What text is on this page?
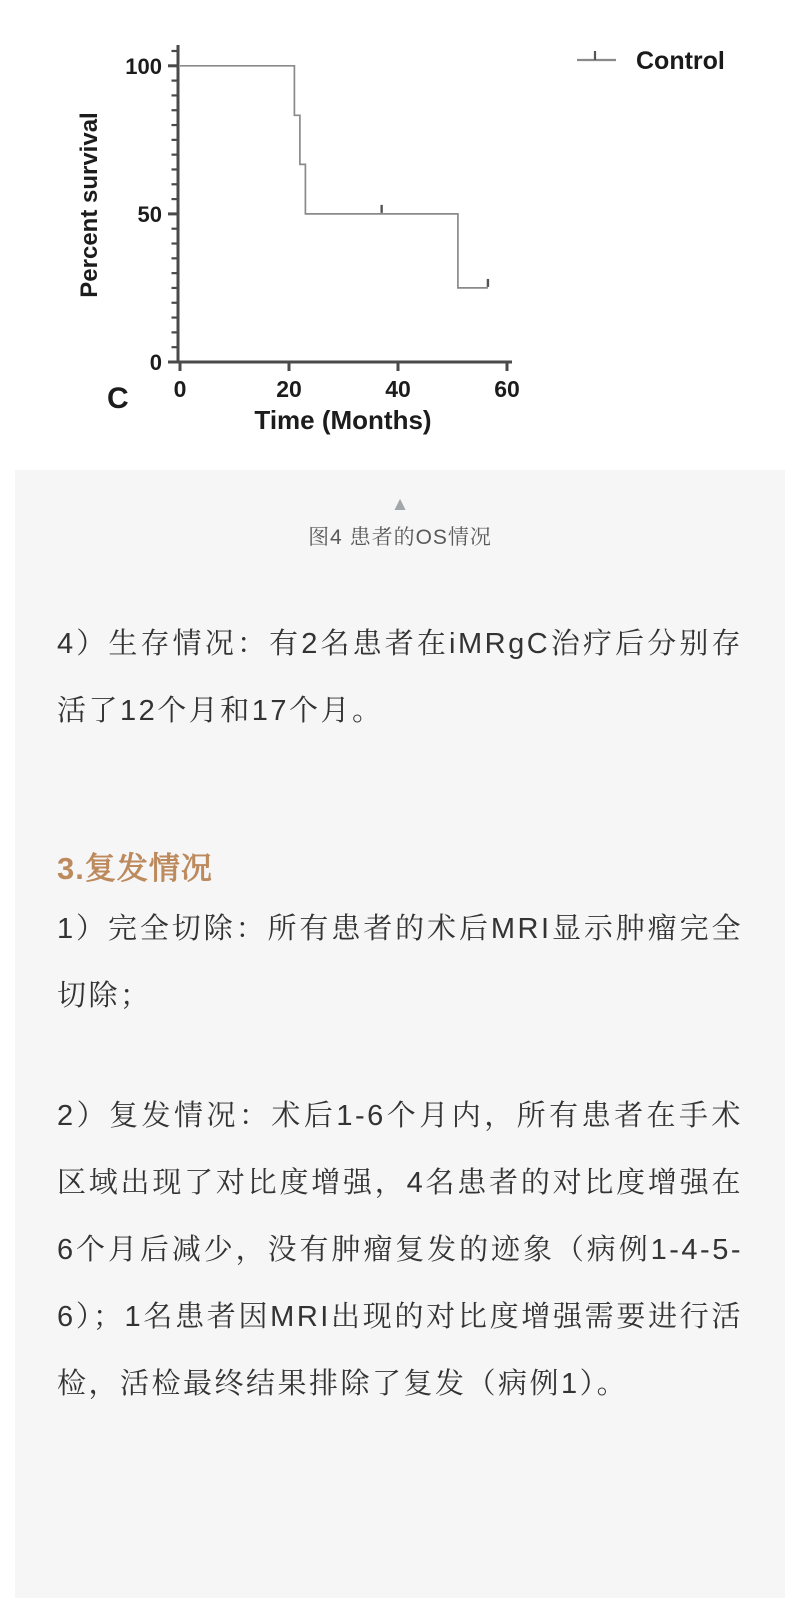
0
50
100
0	20	40	60
Control
Percent survival
Time (Months)
C
▲
图4 患者的OS情况

4）生存情况：有2名患者在iMRgC治疗后分别存活了12个月和17个月。

3.复发情况

1）完全切除：所有患者的术后MRI显示肿瘤完全切除；

2）复发情况：术后1-6个月内，所有患者在手术区域出现了对比度增强，4名患者的对比度增强在6个月后减少，没有肿瘤复发的迹象（病例1-4-5-6）；1名患者因MRI出现的对比度增强需要进行活检，活检最终结果排除了复发（病例1）。
